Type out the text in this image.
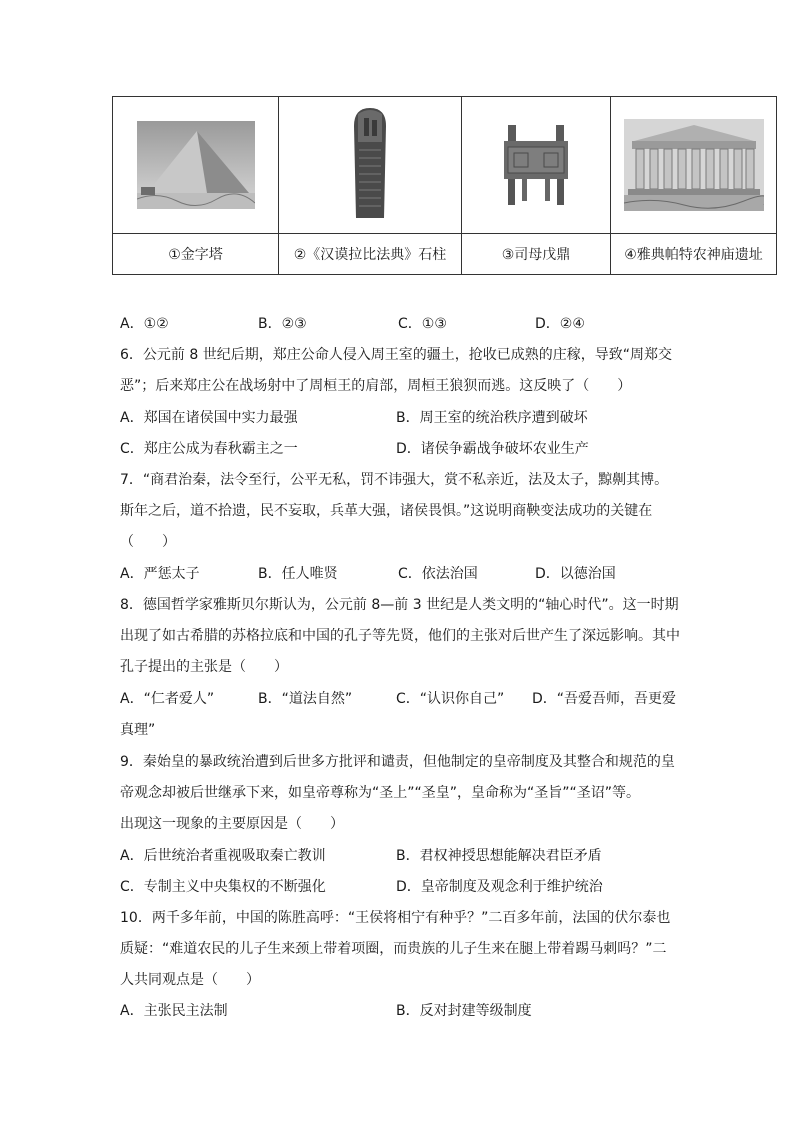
①金字塔	②《汉谟拉比法典》石柱	③司母戊鼎	④雅典帕特农神庙遗址
A．①②	B．②③	C．①③	D．②④
6．公元前 8 世纪后期，郑庄公命人侵入周王室的疆土，抢收已成熟的庄稼，导致“周郑交
恶”；后来郑庄公在战场射中了周桓王的肩部，周桓王狼狈而逃。这反映了（　　）
A．郑国在诸侯国中实力最强	B．周王室的统治秩序遭到破坏
C．郑庄公成为春秋霸主之一	D．诸侯争霸战争破坏农业生产
7．“商君治秦，法令至行，公平无私，罚不讳强大，赏不私亲近，法及太子，黥劓其博。
斯年之后，道不拾遗，民不妄取，兵革大强，诸侯畏惧。”这说明商鞅变法成功的关键在
（　　）
A．严惩太子	B．任人唯贤	C．依法治国	D．以德治国
8．德国哲学家雅斯贝尔斯认为，公元前 8—前 3 世纪是人类文明的“轴心时代”。这一时期
出现了如古希腊的苏格拉底和中国的孔子等先贤，他们的主张对后世产生了深远影响。其中
孔子提出的主张是（　　）
A．“仁者爱人”	B．“道法自然”	C．“认识你自己” D．“吾爱吾师，吾更爱
真理”
9．秦始皇的暴政统治遭到后世多方批评和谴责，但他制定的皇帝制度及其整合和规范的皇
帝观念却被后世继承下来，如皇帝尊称为“圣上”“圣皇”，皇命称为“圣旨”“圣诏”等。
出现这一现象的主要原因是（　　）
A．后世统治者重视吸取秦亡教训	B．君权神授思想能解决君臣矛盾
C．专制主义中央集权的不断强化	D．皇帝制度及观念利于维护统治
10．两千多年前，中国的陈胜高呼：“王侯将相宁有种乎？”二百多年前，法国的伏尔泰也
质疑：“难道农民的儿子生来颈上带着项圈，而贵族的儿子生来在腿上带着踢马刺吗？”二
人共同观点是（　　）
A．主张民主法制	B．反对封建等级制度
